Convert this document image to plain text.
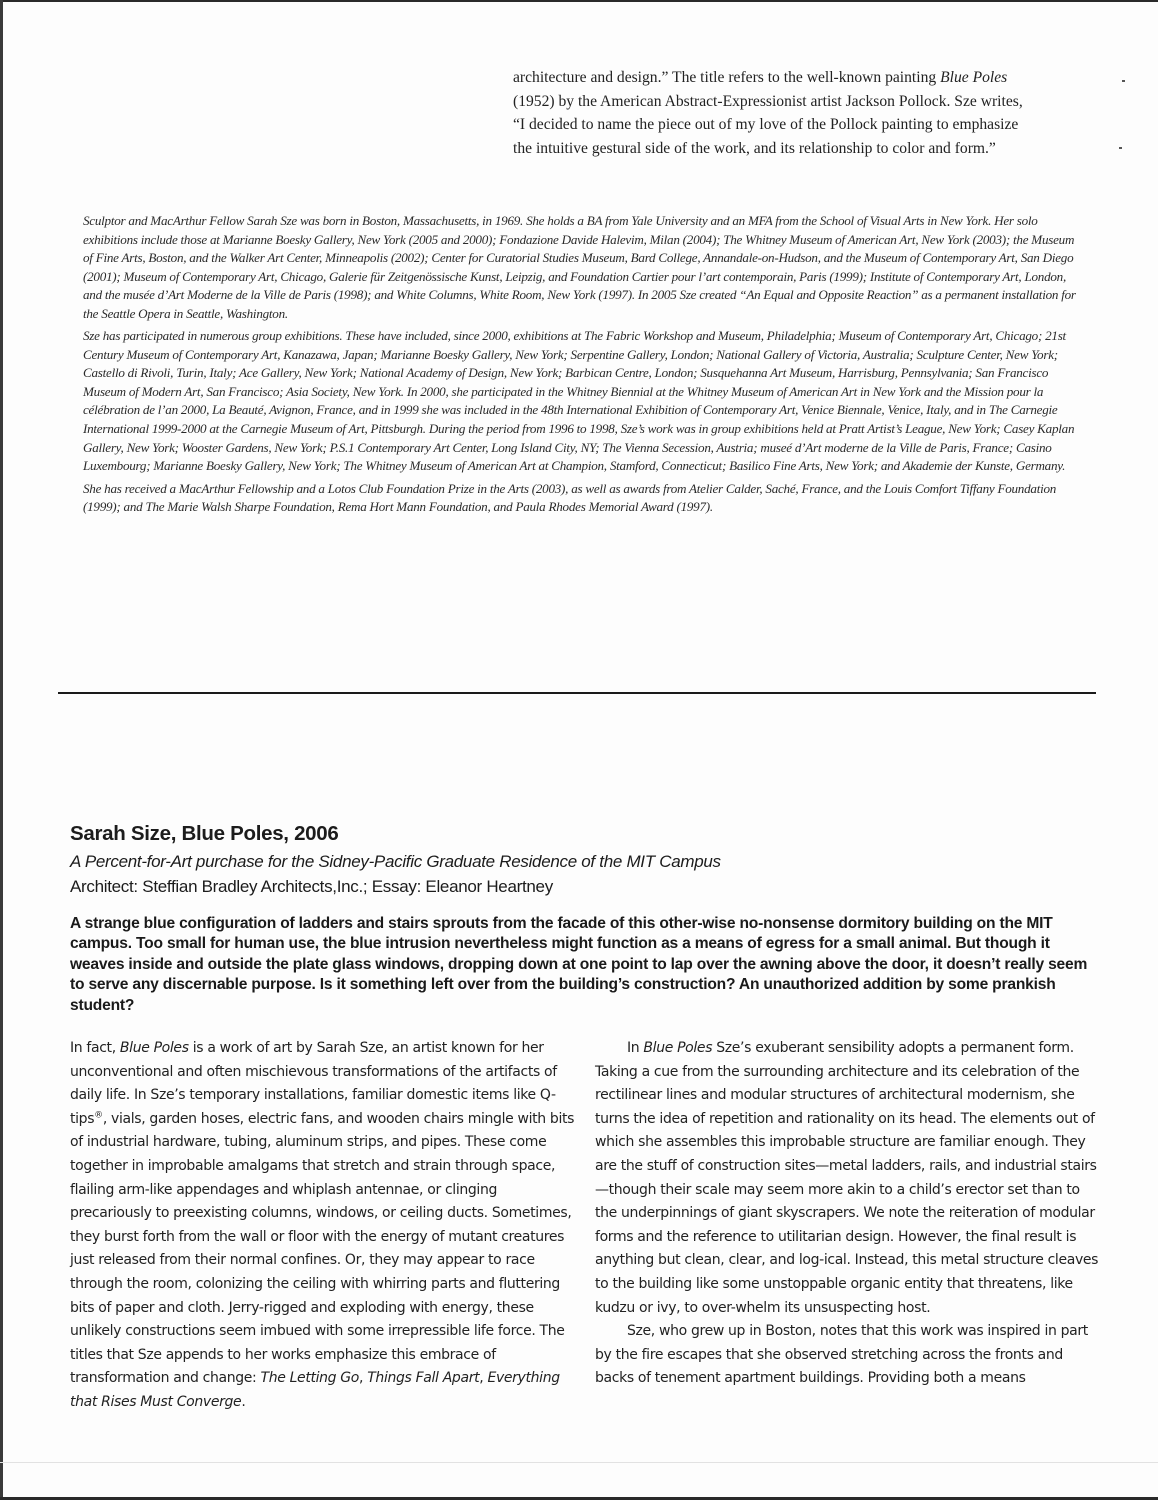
architecture and design.” The title refers to the well-known painting Blue Poles (1952) by the American Abstract-Expressionist artist Jackson Pollock. Sze writes, “I decided to name the piece out of my love of the Pollock painting to emphasize the intuitive gestural side of the work, and its relationship to color and form.”

Sculptor and MacArthur Fellow Sarah Sze was born in Boston, Massachusetts, in 1969. She holds a BA from Yale University and an MFA from the School of Visual Arts in New York. Her solo exhibitions include those at Marianne Boesky Gallery, New York (2005 and 2000); Fondazione Davide Halevim, Milan (2004); The Whitney Museum of American Art, New York (2003); the Museum of Fine Arts, Boston, and the Walker Art Center, Minneapolis (2002); Center for Curatorial Studies Museum, Bard College, Annandale-on-Hudson, and the Museum of Contemporary Art, San Diego (2001); Museum of Contemporary Art, Chicago, Galerie für Zeitgenössische Kunst, Leipzig, and Foundation Cartier pour l’art contemporain, Paris (1999); Institute of Contemporary Art, London, and the musée d’Art Moderne de la Ville de Paris (1998); and White Columns, White Room, New York (1997). In 2005 Sze created “An Equal and Opposite Reaction” as a permanent installation for the Seattle Opera in Seattle, Washington.

Sze has participated in numerous group exhibitions. These have included, since 2000, exhibitions at The Fabric Workshop and Museum, Philadelphia; Museum of Contemporary Art, Chicago; 21st Century Museum of Contemporary Art, Kanazawa, Japan; Marianne Boesky Gallery, New York; Serpentine Gallery, London; National Gallery of Victoria, Australia; Sculpture Center, New York; Castello di Rivoli, Turin, Italy; Ace Gallery, New York; National Academy of Design, New York; Barbican Centre, London; Susquehanna Art Museum, Harrisburg, Pennsylvania; San Francisco Museum of Modern Art, San Francisco; Asia Society, New York. In 2000, she participated in the Whitney Biennial at the Whitney Museum of American Art in New York and the Mission pour la célébration de l’an 2000, La Beauté, Avignon, France, and in 1999 she was included in the 48th International Exhibition of Contemporary Art, Venice Biennale, Venice, Italy, and in The Carnegie International 1999-2000 at the Carnegie Museum of Art, Pittsburgh. During the period from 1996 to 1998, Sze’s work was in group exhibitions held at Pratt Artist’s League, New York; Casey Kaplan Gallery, New York; Wooster Gardens, New York; P.S.1 Contemporary Art Center, Long Island City, NY; The Vienna Secession, Austria; museé d’Art moderne de la Ville de Paris, France; Casino Luxembourg; Marianne Boesky Gallery, New York; The Whitney Museum of American Art at Champion, Stamford, Connecticut; Basilico Fine Arts, New York; and Akademie der Kunste, Germany.

She has received a MacArthur Fellowship and a Lotos Club Foundation Prize in the Arts (2003), as well as awards from Atelier Calder, Saché, France, and the Louis Comfort Tiffany Foundation (1999); and The Marie Walsh Sharpe Foundation, Rema Hort Mann Foundation, and Paula Rhodes Memorial Award (1997).

Sarah Size, Blue Poles, 2006
A Percent-for-Art purchase for the Sidney-Pacific Graduate Residence of the MIT Campus
Architect: Steffian Bradley Architects,Inc.; Essay: Eleanor Heartney
A strange blue configuration of ladders and stairs sprouts from the facade of this other-wise no-nonsense dormitory building on the MIT campus. Too small for human use, the blue intrusion nevertheless might function as a means of egress for a small animal. But though it weaves inside and outside the plate glass windows, dropping down at one point to lap over the awning above the door, it doesn’t really seem to serve any discernable purpose. Is it something left over from the building’s construction? An unauthorized addition by some prankish student?

In fact, Blue Poles is a work of art by Sarah Sze, an artist known for her unconventional and often mischievous transformations of the artifacts of daily life. In Sze’s temporary installations, familiar domestic items like Q-tips®, vials, garden hoses, electric fans, and wooden chairs mingle with bits of industrial hardware, tubing, aluminum strips, and pipes. These come together in improbable amalgams that stretch and strain through space, flailing arm-like appendages and whiplash antennae, or clinging precariously to preexisting columns, windows, or ceiling ducts. Sometimes, they burst forth from the wall or floor with the energy of mutant creatures just released from their normal confines. Or, they may appear to race through the room, colonizing the ceiling with whirring parts and fluttering bits of paper and cloth. Jerry-rigged and exploding with energy, these unlikely constructions seem imbued with some irrepressible life force. The titles that Sze appends to her works emphasize this embrace of transformation and change: The Letting Go, Things Fall Apart, Everything that Rises Must Converge.

In Blue Poles Sze’s exuberant sensibility adopts a permanent form. Taking a cue from the surrounding architecture and its celebration of the rectilinear lines and modular structures of architectural modernism, she turns the idea of repetition and rationality on its head. The elements out of which she assembles this improbable structure are familiar enough. They are the stuff of construction sites—metal ladders, rails, and industrial stairs—though their scale may seem more akin to a child’s erector set than to the underpinnings of giant skyscrapers. We note the reiteration of modular forms and the reference to utilitarian design. However, the final result is anything but clean, clear, and log-ical. Instead, this metal structure cleaves to the building like some unstoppable organic entity that threatens, like kudzu or ivy, to over-whelm its unsuspecting host.

Sze, who grew up in Boston, notes that this work was inspired in part by the fire escapes that she observed stretching across the fronts and backs of tenement apartment buildings. Providing both a means
